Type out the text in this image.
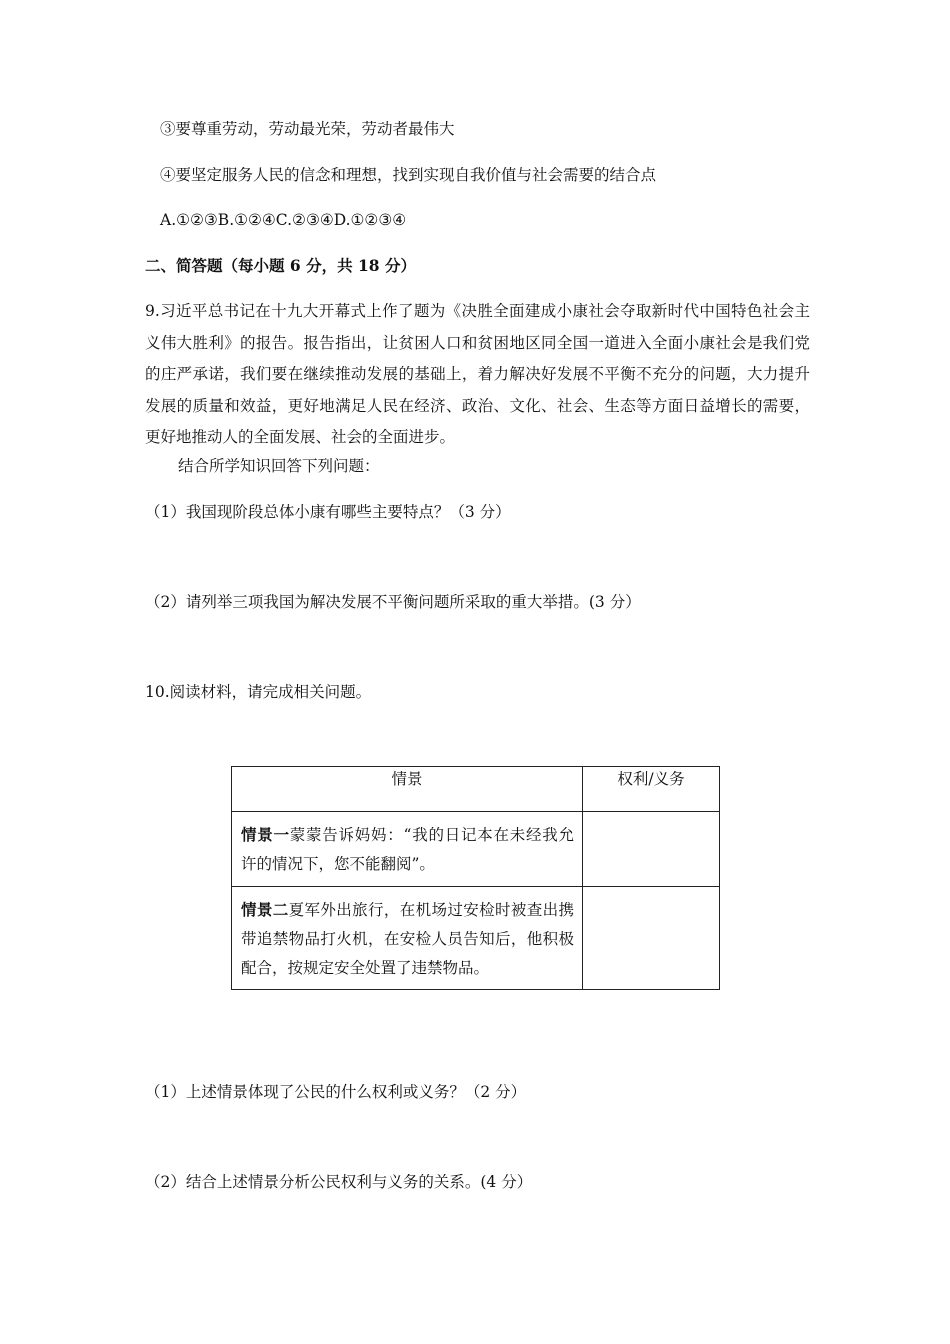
③要尊重劳动，劳动最光荣，劳动者最伟大
④要坚定服务人民的信念和理想，找到实现自我价值与社会需要的结合点
A.①②③B.①②④C.②③④D.①②③④
二、简答题（每小题 6 分，共 18 分）
9.习近平总书记在十九大开幕式上作了题为《决胜全面建成小康社会夺取新时代中国特色社会主义伟大胜利》的报告。报告指出，让贫困人口和贫困地区同全国一道进入全面小康社会是我们党的庄严承诺，我们要在继续推动发展的基础上，着力解决好发展不平衡不充分的问题，大力提升发展的质量和效益，更好地满足人民在经济、政治、文化、社会、生态等方面日益增长的需要，更好地推动人的全面发展、社会的全面进步。
结合所学知识回答下列问题：
（1）我国现阶段总体小康有哪些主要特点？（3 分）
（2）请列举三项我国为解决发展不平衡问题所采取的重大举措。(3 分）
10.阅读材料，请完成相关问题。
情景	权利/义务

情景一蒙蒙告诉妈妈：“我的日记本在未经我允许的情况下，您不能翻阅”。	

情景二夏军外出旅行，在机场过安检时被查出携带追禁物品打火机，在安检人员告知后，他积极配合，按规定安全处置了违禁物品。	

（1）上述情景体现了公民的什么权利或义务？（2 分）
（2）结合上述情景分析公民权利与义务的关系。(4 分）
